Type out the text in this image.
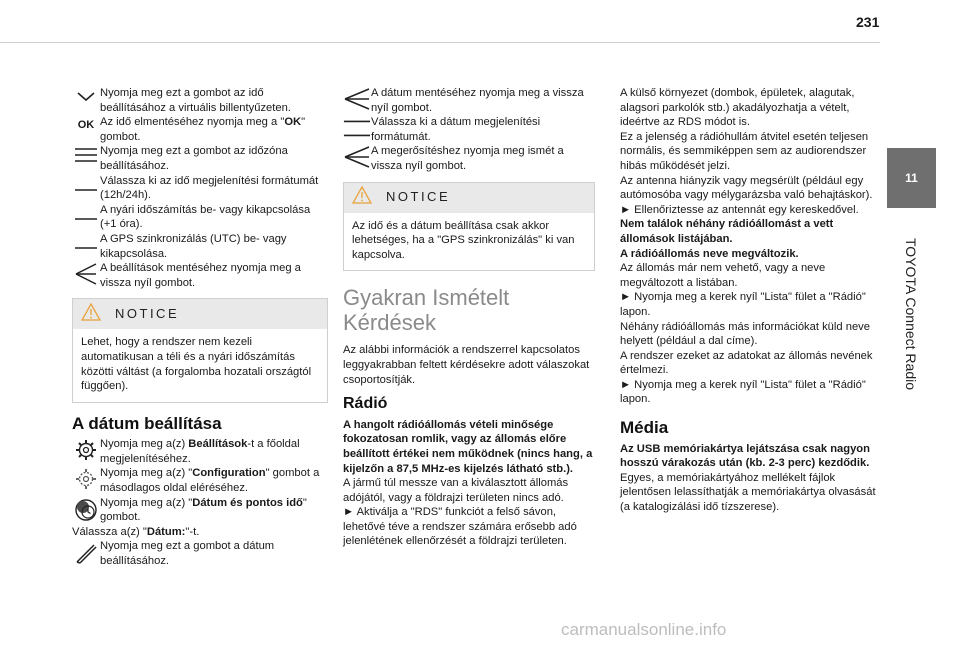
231
11
TOYOTA Connect Radio
Nyomja meg ezt a gombot az idő beállításához a virtuális billentyűzeten.
OK Az idő elmentéséhez nyomja meg a "OK" gombot.
Nyomja meg ezt a gombot az időzóna beállításához.
Válassza ki az idő megjelenítési formátumát (12h/24h).
A nyári időszámítás be- vagy kikapcsolása (+1 óra).
A GPS szinkronizálás (UTC) be- vagy kikapcsolása.
A beállítások mentéséhez nyomja meg a vissza nyíl gombot.
NOTICE
Lehet, hogy a rendszer nem kezeli automatikusan a téli és a nyári időszámítás közötti váltást (a forgalomba hozatali országtól függően).
A dátum beállítása
Nyomja meg a(z) Beállítások-t a főoldal megjelenítéséhez.
Nyomja meg a(z) "Configuration" gombot a másodlagos oldal eléréséhez.
Nyomja meg a(z) "Dátum és pontos idő" gombot.
Válassza a(z) "Dátum:"-t.
Nyomja meg ezt a gombot a dátum beállításához.
A dátum mentéséhez nyomja meg a vissza nyíl gombot.
Válassza ki a dátum megjelenítési formátumát.
A megerősítéshez nyomja meg ismét a vissza nyíl gombot.
NOTICE
Az idő és a dátum beállítása csak akkor lehetséges, ha a "GPS szinkronizálás" ki van kapcsolva.
Gyakran Ismételt Kérdések
Az alábbi információk a rendszerrel kapcsolatos leggyakrabban feltett kérdésekre adott válaszokat csoportosítják.
Rádió
A hangolt rádióállomás vételi minősége fokozatosan romlik, vagy az állomás előre beállított értékei nem működnek (nincs hang, a kijelzőn a 87,5 MHz-es kijelzés látható stb.).
A jármű túl messze van a kiválasztott állomás adójától, vagy a földrajzi területen nincs adó.
► Aktiválja a "RDS" funkciót a felső sávon, lehetővé téve a rendszer számára erősebb adó jelenlétének ellenőrzését a földrajzi területen.
A külső környezet (dombok, épületek, alagutak, alagsori parkolók stb.) akadályozhatja a vételt, ideértve az RDS módot is.
Ez a jelenség a rádióhullám átvitel esetén teljesen normális, és semmiképpen sem az audiorendszer hibás működését jelzi.
Az antenna hiányzik vagy megsérült (például egy autómosóba vagy mélygarázsba való behajtáskor).
► Ellenőriztesse az antennát egy kereskedővel.
Nem találok néhány rádióállomást a vett állomások listájában.
A rádióállomás neve megváltozik.
Az állomás már nem vehető, vagy a neve megváltozott a listában.
► Nyomja meg a kerek nyíl "Lista" fület a "Rádió" lapon.
Néhány rádióállomás más információkat küld neve helyett (például a dal címe).
A rendszer ezeket az adatokat az állomás nevének értelmezi.
► Nyomja meg a kerek nyíl "Lista" fület a "Rádió" lapon.
Média
Az USB memóriakártya lejátszása csak nagyon hosszú várakozás után (kb. 2-3 perc) kezdődik.
Egyes, a memóriakártyához mellékelt fájlok jelentősen lelassíthatják a memóriakártya olvasását (a katalogizálási idő tízszerese).
carmanualsonline.info
